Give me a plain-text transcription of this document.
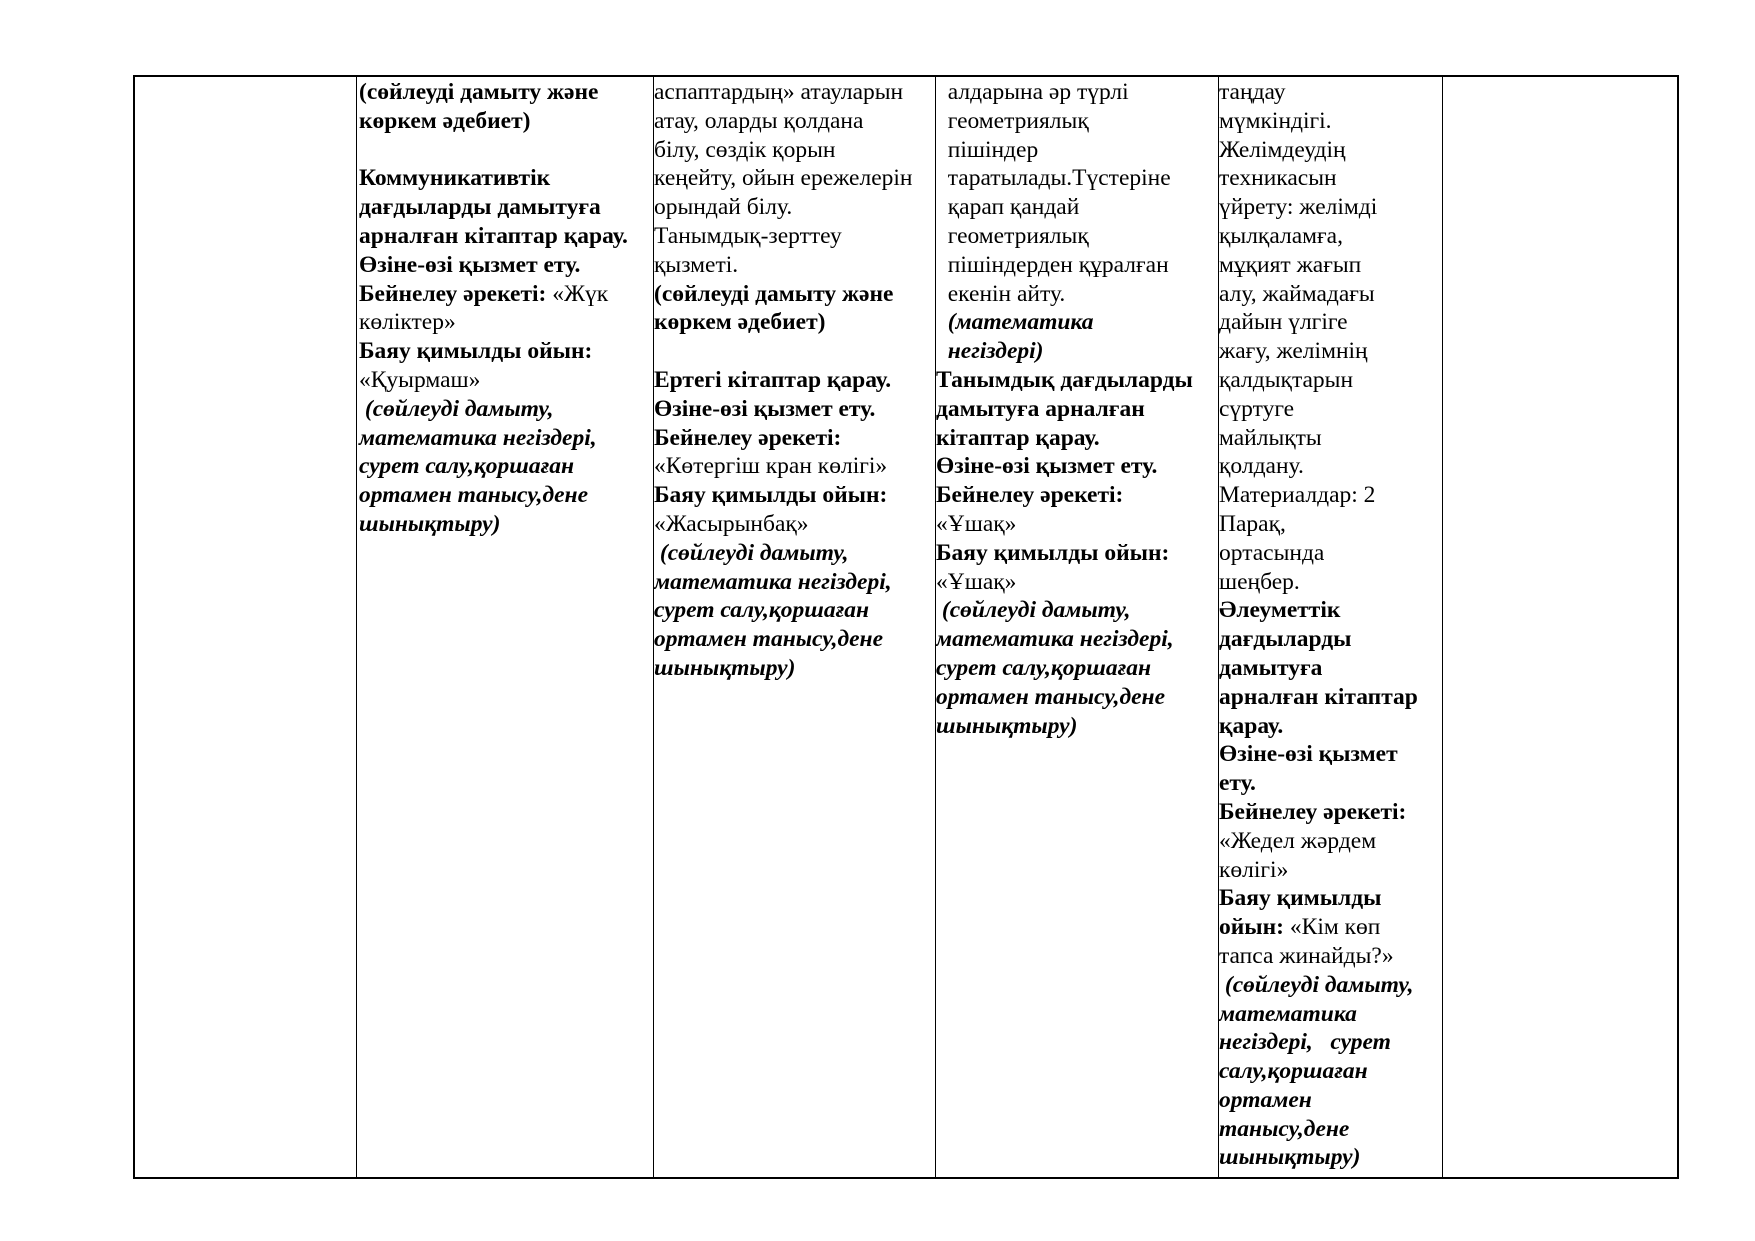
(сөйлеуді дамыту және
көркем әдебиет)
Коммуникативтік
дағдыларды дамытуға
арналған кітаптар қарау.
Өзіне-өзі қызмет ету.
Бейнелеу әрекеті: «Жүк
көліктер»
Баяу қимылды ойын:
«Қуырмаш»
(сөйлеуді дамыту,
математика негіздері,
сурет салу,қоршаған
ортамен танысу,дене
шынықтыру)
аспаптардың» атауларын
атау, оларды қолдана
білу, сөздік қорын
кеңейту, ойын ережелерін
орындай білу.
Танымдық-зерттеу
қызметі.
(сөйлеуді дамыту және
көркем әдебиет)
Ертегі кітаптар қарау.
Өзіне-өзі қызмет ету.
Бейнелеу әрекеті:
«Көтергіш кран көлігі»
Баяу қимылды ойын:
«Жасырынбақ»
(сөйлеуді дамыту,
математика негіздері,
сурет салу,қоршаған
ортамен танысу,дене
шынықтыру)
алдарына әр түрлі
геометриялық
пішіндер
таратылады.Түстеріне
қарап қандай
геометриялық
пішіндерден құралған
екенін айту.
(математика
негіздері)
Танымдық дағдыларды
дамытуға арналған
кітаптар қарау.
Өзіне-өзі қызмет ету.
Бейнелеу әрекеті:
«Ұшақ»
Баяу қимылды ойын:
«Ұшақ»
(сөйлеуді дамыту,
математика негіздері,
сурет салу,қоршаған
ортамен танысу,дене
шынықтыру)
таңдау
мүмкіндігі.
Желімдеудің
техникасын
үйрету: желімді
қылқаламға,
мұқият жағып
алу, жаймадағы
дайын үлгіге
жағу, желімнің
қалдықтарын
сүртуге
майлықты
қолдану.
Материалдар: 2
Парақ,
ортасында
шеңбер.
Әлеуметтік
дағдыларды
дамытуға
арналған кітаптар
қарау.
Өзіне-өзі қызмет
ету.
Бейнелеу әрекеті:
«Жедел жәрдем
көлігі»
Баяу қимылды
ойын: «Кім көп
тапса жинайды?»
(сөйлеуді дамыту,
математика
негіздері,   сурет
салу,қоршаған
ортамен
танысу,дене
шынықтыру)
